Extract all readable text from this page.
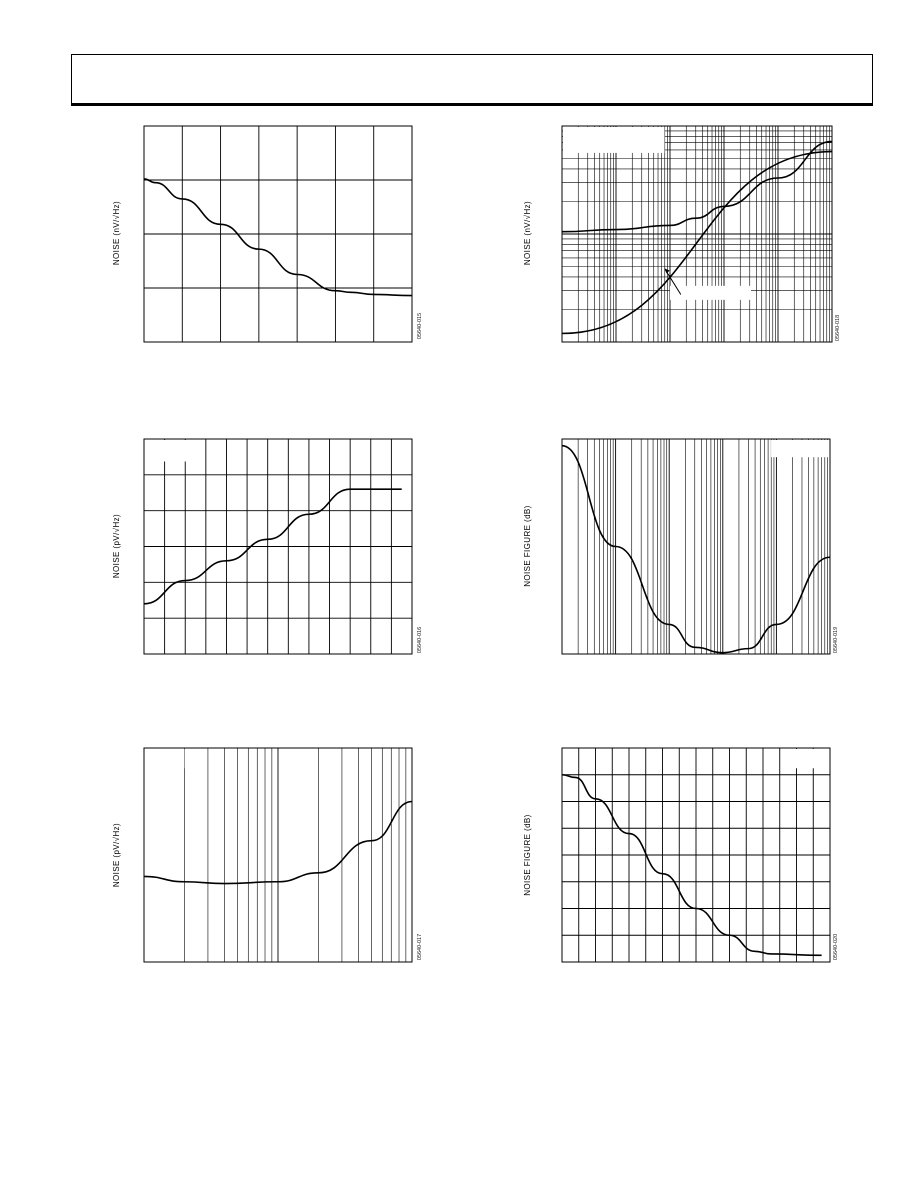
NOISE (nV/√Hz)	NOISE (nV/√Hz)
NOISE (pV/√Hz)	NOISE FIGURE (dB)
NOISE (pV/√Hz)	NOISE FIGURE (dB)
05640-015	05640-018
05640-016	05640-019
05640-017	05640-020
